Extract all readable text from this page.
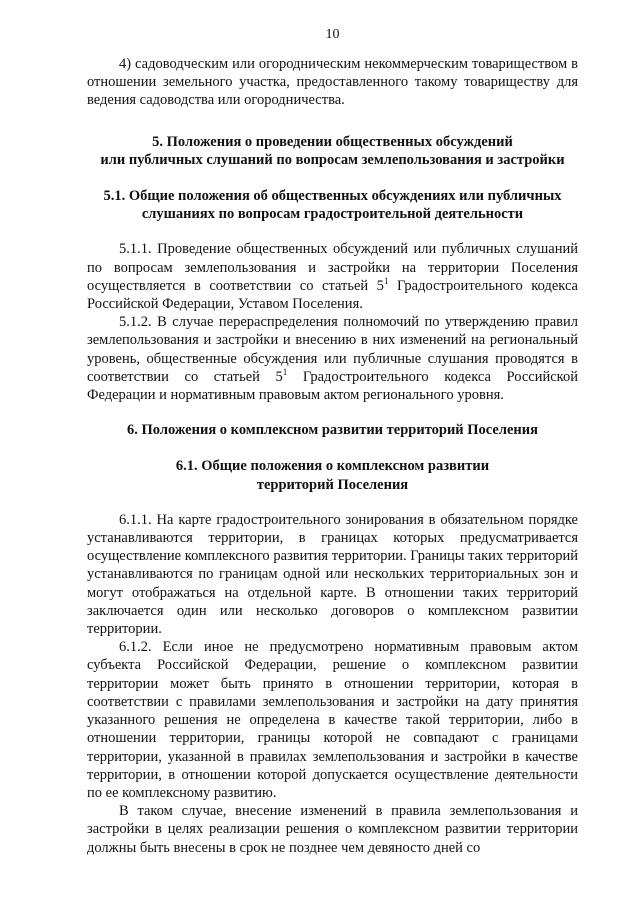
10

4) садоводческим или огородническим некоммерческим товариществом в отношении земельного участка, предоставленного такому товариществу для ведения садоводства или огородничества.

5. Положения о проведении общественных обсуждений
или публичных слушаний по вопросам землепользования и застройки
5.1. Общие положения об общественных обсуждениях или публичных
слушаниях по вопросам градостроительной деятельности

5.1.1. Проведение общественных обсуждений или публичных слушаний по вопросам землепользования и застройки на территории Поселения осуществляется в соответствии со статьей $5^1$ Градостроительного кодекса Российской Федерации, Уставом Поселения.

5.1.2. В случае перераспределения полномочий по утверждению правил землепользования и застройки и внесению в них изменений на региональный уровень, общественные обсуждения или публичные слушания проводятся в соответствии со статьей $5^1$ Градостроительного кодекса Российской Федерации и нормативным правовым актом регионального уровня.

6. Положения о комплексном развитии территорий Поселения
6.1. Общие положения о комплексном развитии
территорий Поселения

6.1.1. На карте градостроительного зонирования в обязательном порядке устанавливаются территории, в границах которых предусматривается осуществление комплексного развития территории. Границы таких территорий устанавливаются по границам одной или нескольких территориальных зон и могут отображаться на отдельной карте. В отношении таких территорий заключается один или несколько договоров о комплексном развитии территории.

6.1.2. Если иное не предусмотрено нормативным правовым актом субъекта Российской Федерации, решение о комплексном развитии территории может быть принято в отношении территории, которая в соответствии с правилами землепользования и застройки на дату принятия указанного решения не определена в качестве такой территории, либо в отношении территории, границы которой не совпадают с границами территории, указанной в правилах землепользования и застройки в качестве территории, в отношении которой допускается осуществление деятельности по ее комплексному развитию.

В таком случае, внесение изменений в правила землепользования и застройки в целях реализации решения о комплексном развитии территории должны быть внесены в срок не позднее чем девяносто дней со
